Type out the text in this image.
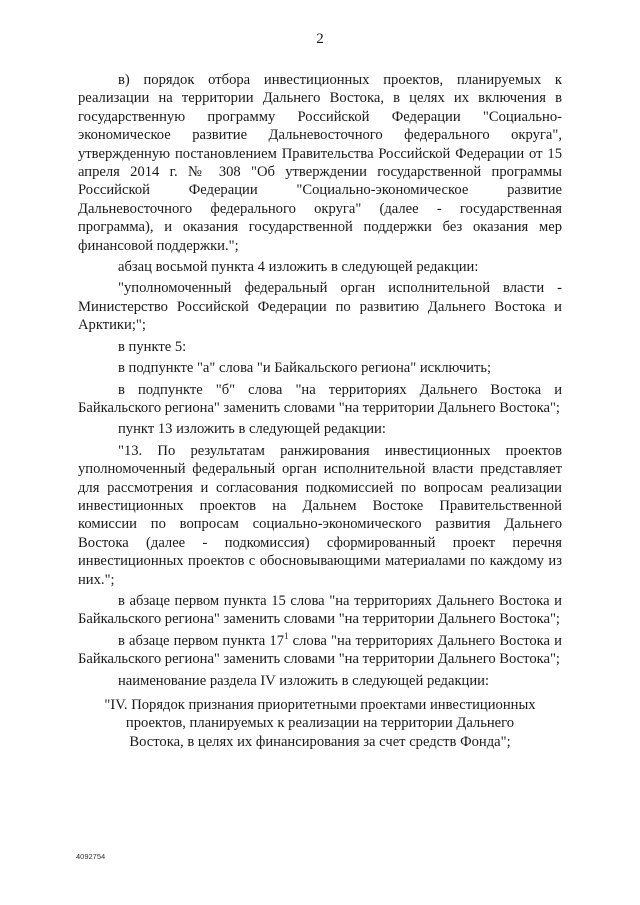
2

в) порядок отбора инвестиционных проектов, планируемых к реализации на территории Дальнего Востока, в целях их включения в государственную программу Российской Федерации "Социально-экономическое развитие Дальневосточного федерального округа", утвержденную постановлением Правительства Российской Федерации от 15 апреля 2014 г. № 308 "Об утверждении государственной программы Российской Федерации "Социально-экономическое развитие Дальневосточного федерального округа" (далее - государственная программа), и оказания государственной поддержки без оказания мер финансовой поддержки.";

абзац восьмой пункта 4 изложить в следующей редакции:

"уполномоченный федеральный орган исполнительной власти - Министерство Российской Федерации по развитию Дальнего Востока и Арктики;";

в пункте 5:

в подпункте "а" слова "и Байкальского региона" исключить;

в подпункте "б" слова "на территориях Дальнего Востока и Байкальского региона" заменить словами "на территории Дальнего Востока";

пункт 13 изложить в следующей редакции:

"13. По результатам ранжирования инвестиционных проектов уполномоченный федеральный орган исполнительной власти представляет для рассмотрения и согласования подкомиссией по вопросам реализации инвестиционных проектов на Дальнем Востоке Правительственной комиссии по вопросам социально-экономического развития Дальнего Востока (далее - подкомиссия) сформированный проект перечня инвестиционных проектов с обосновывающими материалами по каждому из них.";

в абзаце первом пункта 15 слова "на территориях Дальнего Востока и Байкальского региона" заменить словами "на территории Дальнего Востока";

в абзаце первом пункта $17^1$ слова "на территориях Дальнего Востока и Байкальского региона" заменить словами "на территории Дальнего Востока";

наименование раздела IV изложить в следующей редакции:

"IV. Порядок признания приоритетными проектами инвестиционных
проектов, планируемых к реализации на территории Дальнего
Востока, в целях их финансирования за счет средств Фонда";
4092754
